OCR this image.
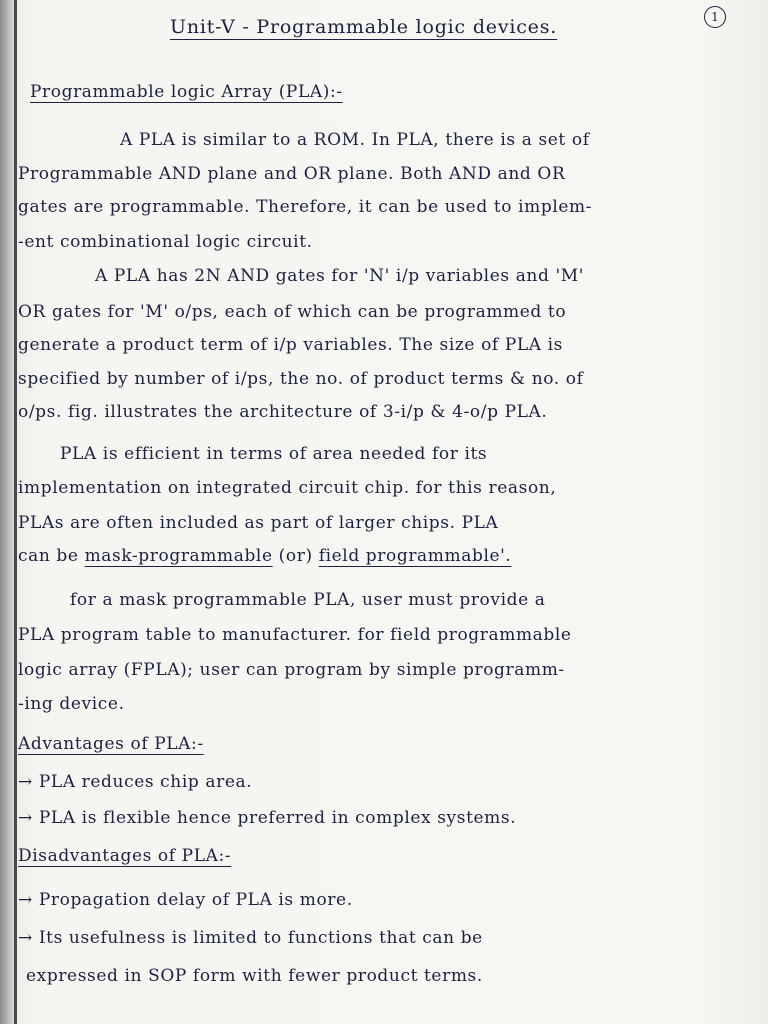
1
Unit-V - Programmable logic devices.
Programmable logic Array (PLA):-
A PLA is similar to a ROM. In PLA, there is a set of
Programmable AND plane and OR plane. Both AND and OR
gates are programmable. Therefore, it can be used to implem-
-ent combinational logic circuit.
A PLA has 2N AND gates for 'N' i/p variables and 'M'
OR gates for 'M' o/ps, each of which can be programmed to
generate a product term of i/p variables. The size of PLA is
specified by number of i/ps, the no. of product terms & no. of
o/ps. fig. illustrates the architecture of 3-i/p & 4-o/p PLA.
PLA is efficient in terms of area needed for its
implementation on integrated circuit chip. for this reason,
PLAs are often included as part of larger chips. PLA
can be mask-programmable (or) field programmable'.
for a mask programmable PLA, user must provide a
PLA program table to manufacturer. for field programmable
logic array (FPLA); user can program by simple programm-
-ing device.
Advantages of PLA:-
→ PLA reduces chip area.
→ PLA is flexible hence preferred in complex systems.
Disadvantages of PLA:-
→ Propagation delay of PLA is more.
→ Its usefulness is limited to functions that can be
expressed in SOP form with fewer product terms.
